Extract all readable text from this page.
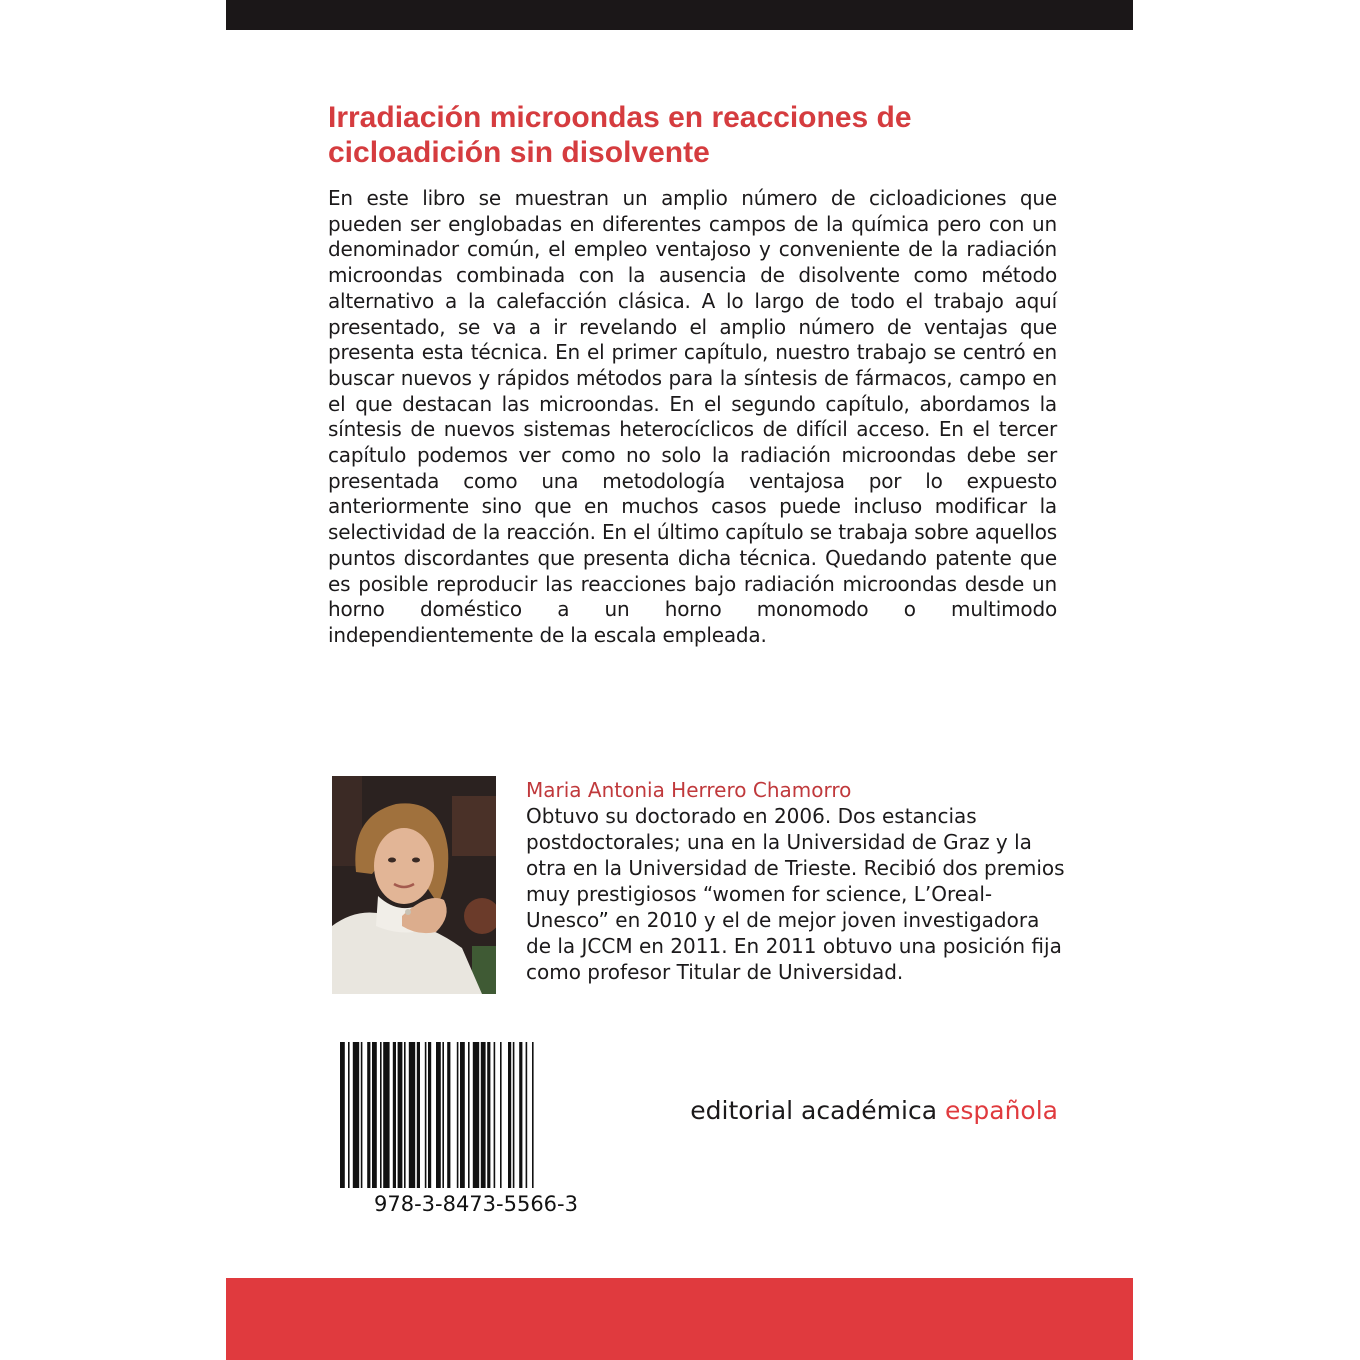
Irradiación microondas en reacciones de
cicloadición sin disolvente

En este libro se muestran un amplio número de cicloadiciones que pueden ser englobadas en diferentes campos de la química pero con un denominador común, el empleo ventajoso y conveniente de la radiación microondas combinada con la ausencia de disolvente como método alternativo a la calefacción clásica. A lo largo de todo el trabajo aquí presentado, se va a ir revelando el amplio número de ventajas que presenta esta técnica. En el primer capítulo, nuestro trabajo se centró en buscar nuevos y rápidos métodos para la síntesis de fármacos, campo en el que destacan las microondas. En el segundo capítulo, abordamos la síntesis de nuevos sistemas heterocíclicos de difícil acceso. En el tercer capítulo podemos ver como no solo la radiación microondas debe ser presentada como una metodología ventajosa por lo expuesto anteriormente sino que en muchos casos puede incluso modificar la selectividad de la reacción. En el último capítulo se trabaja sobre aquellos puntos discordantes que presenta dicha técnica. Quedando patente que es posible reproducir las reacciones bajo radiación microondas desde un horno doméstico a un horno monomodo o multimodo independientemente de la escala empleada.

Maria Antonia Herrero Chamorro
Obtuvo su doctorado en 2006. Dos estancias postdoctorales; una en la Universidad de Graz y la otra en la Universidad de Trieste. Recibió dos premios muy prestigiosos “women for science, L’Oreal-Unesco” en 2010 y el de mejor joven investigadora de la JCCM en 2011. En 2011 obtuvo una posición fija como profesor Titular de Universidad.
978-3-8473-5566-3
editorial académica española
